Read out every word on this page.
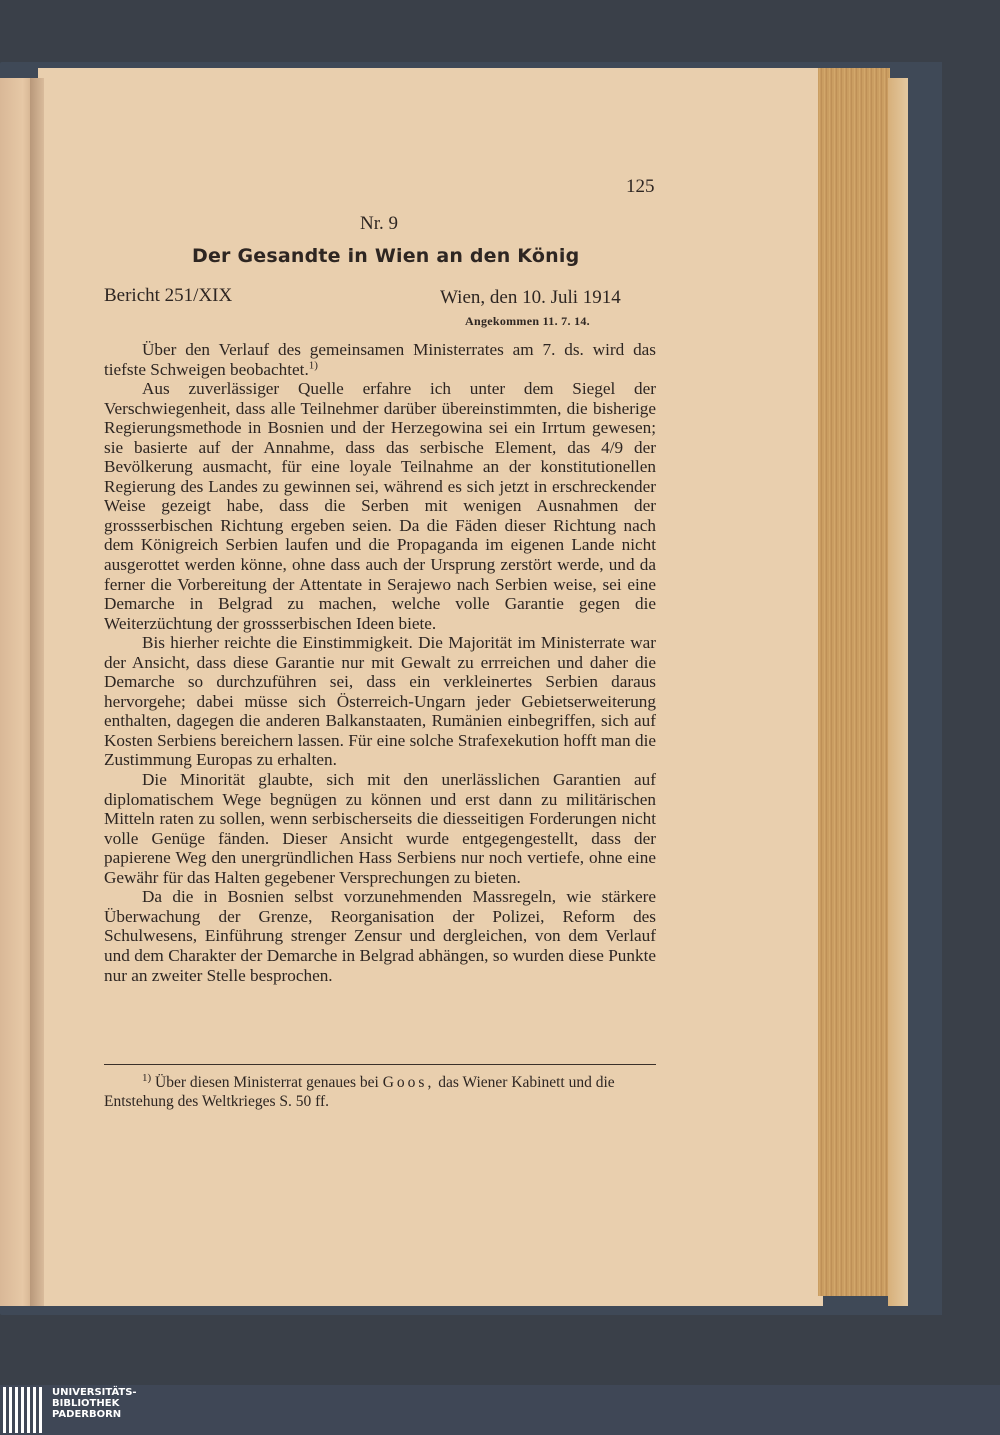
125
Nr. 9
Der Gesandte in Wien an den König
Bericht 251/XIX	Wien, den 10. Juli 1914
Angekommen 11. 7. 14.

Über den Verlauf des gemeinsamen Ministerrates am 7. ds. wird das tiefste Schweigen beobachtet.$^{1)}$

Aus zuverlässiger Quelle erfahre ich unter dem Siegel der Verschwiegenheit, dass alle Teilnehmer darüber übereinstimmten, die bisherige Regierungsmethode in Bosnien und der Herzegowina sei ein Irrtum gewesen; sie basierte auf der Annahme, dass das serbische Element, das 4/9 der Bevölkerung ausmacht, für eine loyale Teilnahme an der konstitutionellen Regierung des Landes zu gewinnen sei, während es sich jetzt in erschreckender Weise gezeigt habe, dass die Serben mit wenigen Ausnahmen der grossserbischen Richtung ergeben seien. Da die Fäden dieser Richtung nach dem Königreich Serbien laufen und die Propaganda im eigenen Lande nicht ausgerottet werden könne, ohne dass auch der Ursprung zerstört werde, und da ferner die Vorbereitung der Attentate in Serajewo nach Serbien weise, sei eine Demarche in Belgrad zu machen, welche volle Garantie gegen die Weiterzüchtung der grossserbischen Ideen biete.

Bis hierher reichte die Einstimmigkeit. Die Majorität im Ministerrate war der Ansicht, dass diese Garantie nur mit Gewalt zu errreichen und daher die Demarche so durchzuführen sei, dass ein verkleinertes Serbien daraus hervorgehe; dabei müsse sich Österreich-Ungarn jeder Gebietserweiterung enthalten, dagegen die anderen Balkanstaaten, Rumänien einbegriffen, sich auf Kosten Serbiens bereichern lassen. Für eine solche Strafexekution hofft man die Zustimmung Europas zu erhalten.

Die Minorität glaubte, sich mit den unerlässlichen Garantien auf diplomatischem Wege begnügen zu können und erst dann zu militärischen Mitteln raten zu sollen, wenn serbischerseits die diesseitigen Forderungen nicht volle Genüge fänden. Dieser Ansicht wurde entgegengestellt, dass der papierene Weg den unergründlichen Hass Serbiens nur noch vertiefe, ohne eine Gewähr für das Halten gegebener Versprechungen zu bieten.

Da die in Bosnien selbst vorzunehmenden Massregeln, wie stärkere Überwachung der Grenze, Reorganisation der Polizei, Reform des Schulwesens, Einführung strenger Zensur und dergleichen, von dem Verlauf und dem Charakter der Demarche in Belgrad abhängen, so wurden diese Punkte nur an zweiter Stelle besprochen.

$^{1)}$ Über diesen Ministerrat genaues bei Goos, das Wiener Kabinett und die Entstehung des Weltkrieges S. 50 ff.
UNIVERSITÄTS-
BIBLIOTHEK
PADERBORN
